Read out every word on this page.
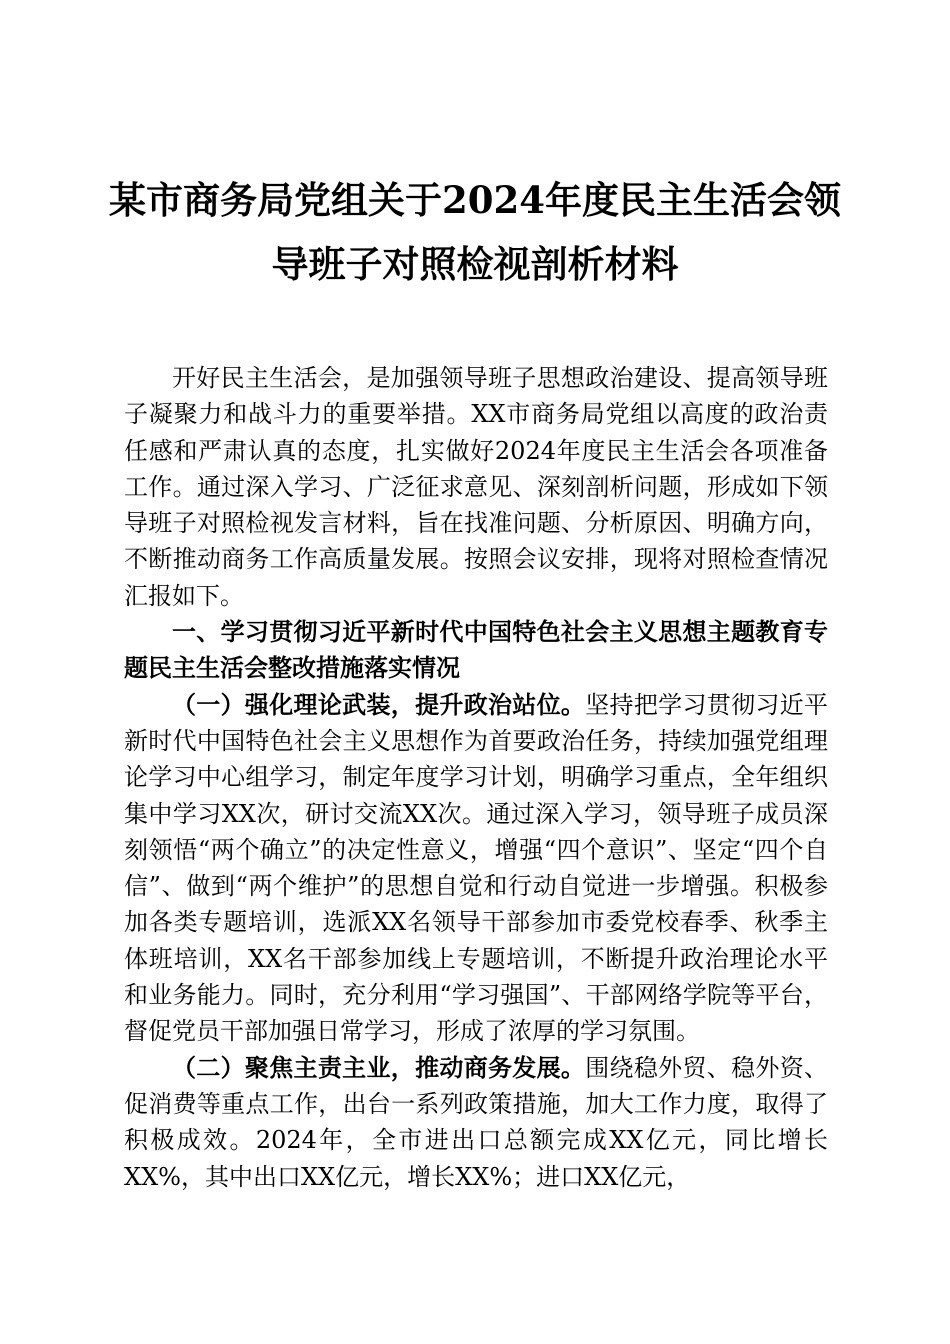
某市商务局党组关于2024年度民主生活会领
导班子对照检视剖析材料

开好民主生活会，是加强领导班子思想政治建设、提高领导班子凝聚力和战斗力的重要举措。XX市商务局党组以高度的政治责任感和严肃认真的态度，扎实做好2024年度民主生活会各项准备工作。通过深入学习、广泛征求意见、深刻剖析问题，形成如下领导班子对照检视发言材料，旨在找准问题、分析原因、明确方向，不断推动商务工作高质量发展。按照会议安排，现将对照检查情况汇报如下。

一、学习贯彻习近平新时代中国特色社会主义思想主题教育专题民主生活会整改措施落实情况

（一）强化理论武装，提升政治站位。坚持把学习贯彻习近平新时代中国特色社会主义思想作为首要政治任务，持续加强党组理论学习中心组学习，制定年度学习计划，明确学习重点，全年组织集中学习XX次，研讨交流XX次。通过深入学习，领导班子成员深刻领悟“两个确立”的决定性意义，增强“四个意识”、坚定“四个自信”、做到“两个维护”的思想自觉和行动自觉进一步增强。积极参加各类专题培训，选派XX名领导干部参加市委党校春季、秋季主体班培训，XX名干部参加线上专题培训，不断提升政治理论水平和业务能力。同时，充分利用“学习强国”、干部网络学院等平台，督促党员干部加强日常学习，形成了浓厚的学习氛围。

（二）聚焦主责主业，推动商务发展。围绕稳外贸、稳外资、促消费等重点工作，出台一系列政策措施，加大工作力度，取得了积极成效。2024年，全市进出口总额完成XX亿元，同比增长XX%，其中出口XX亿元，增长XX%；进口XX亿元，
